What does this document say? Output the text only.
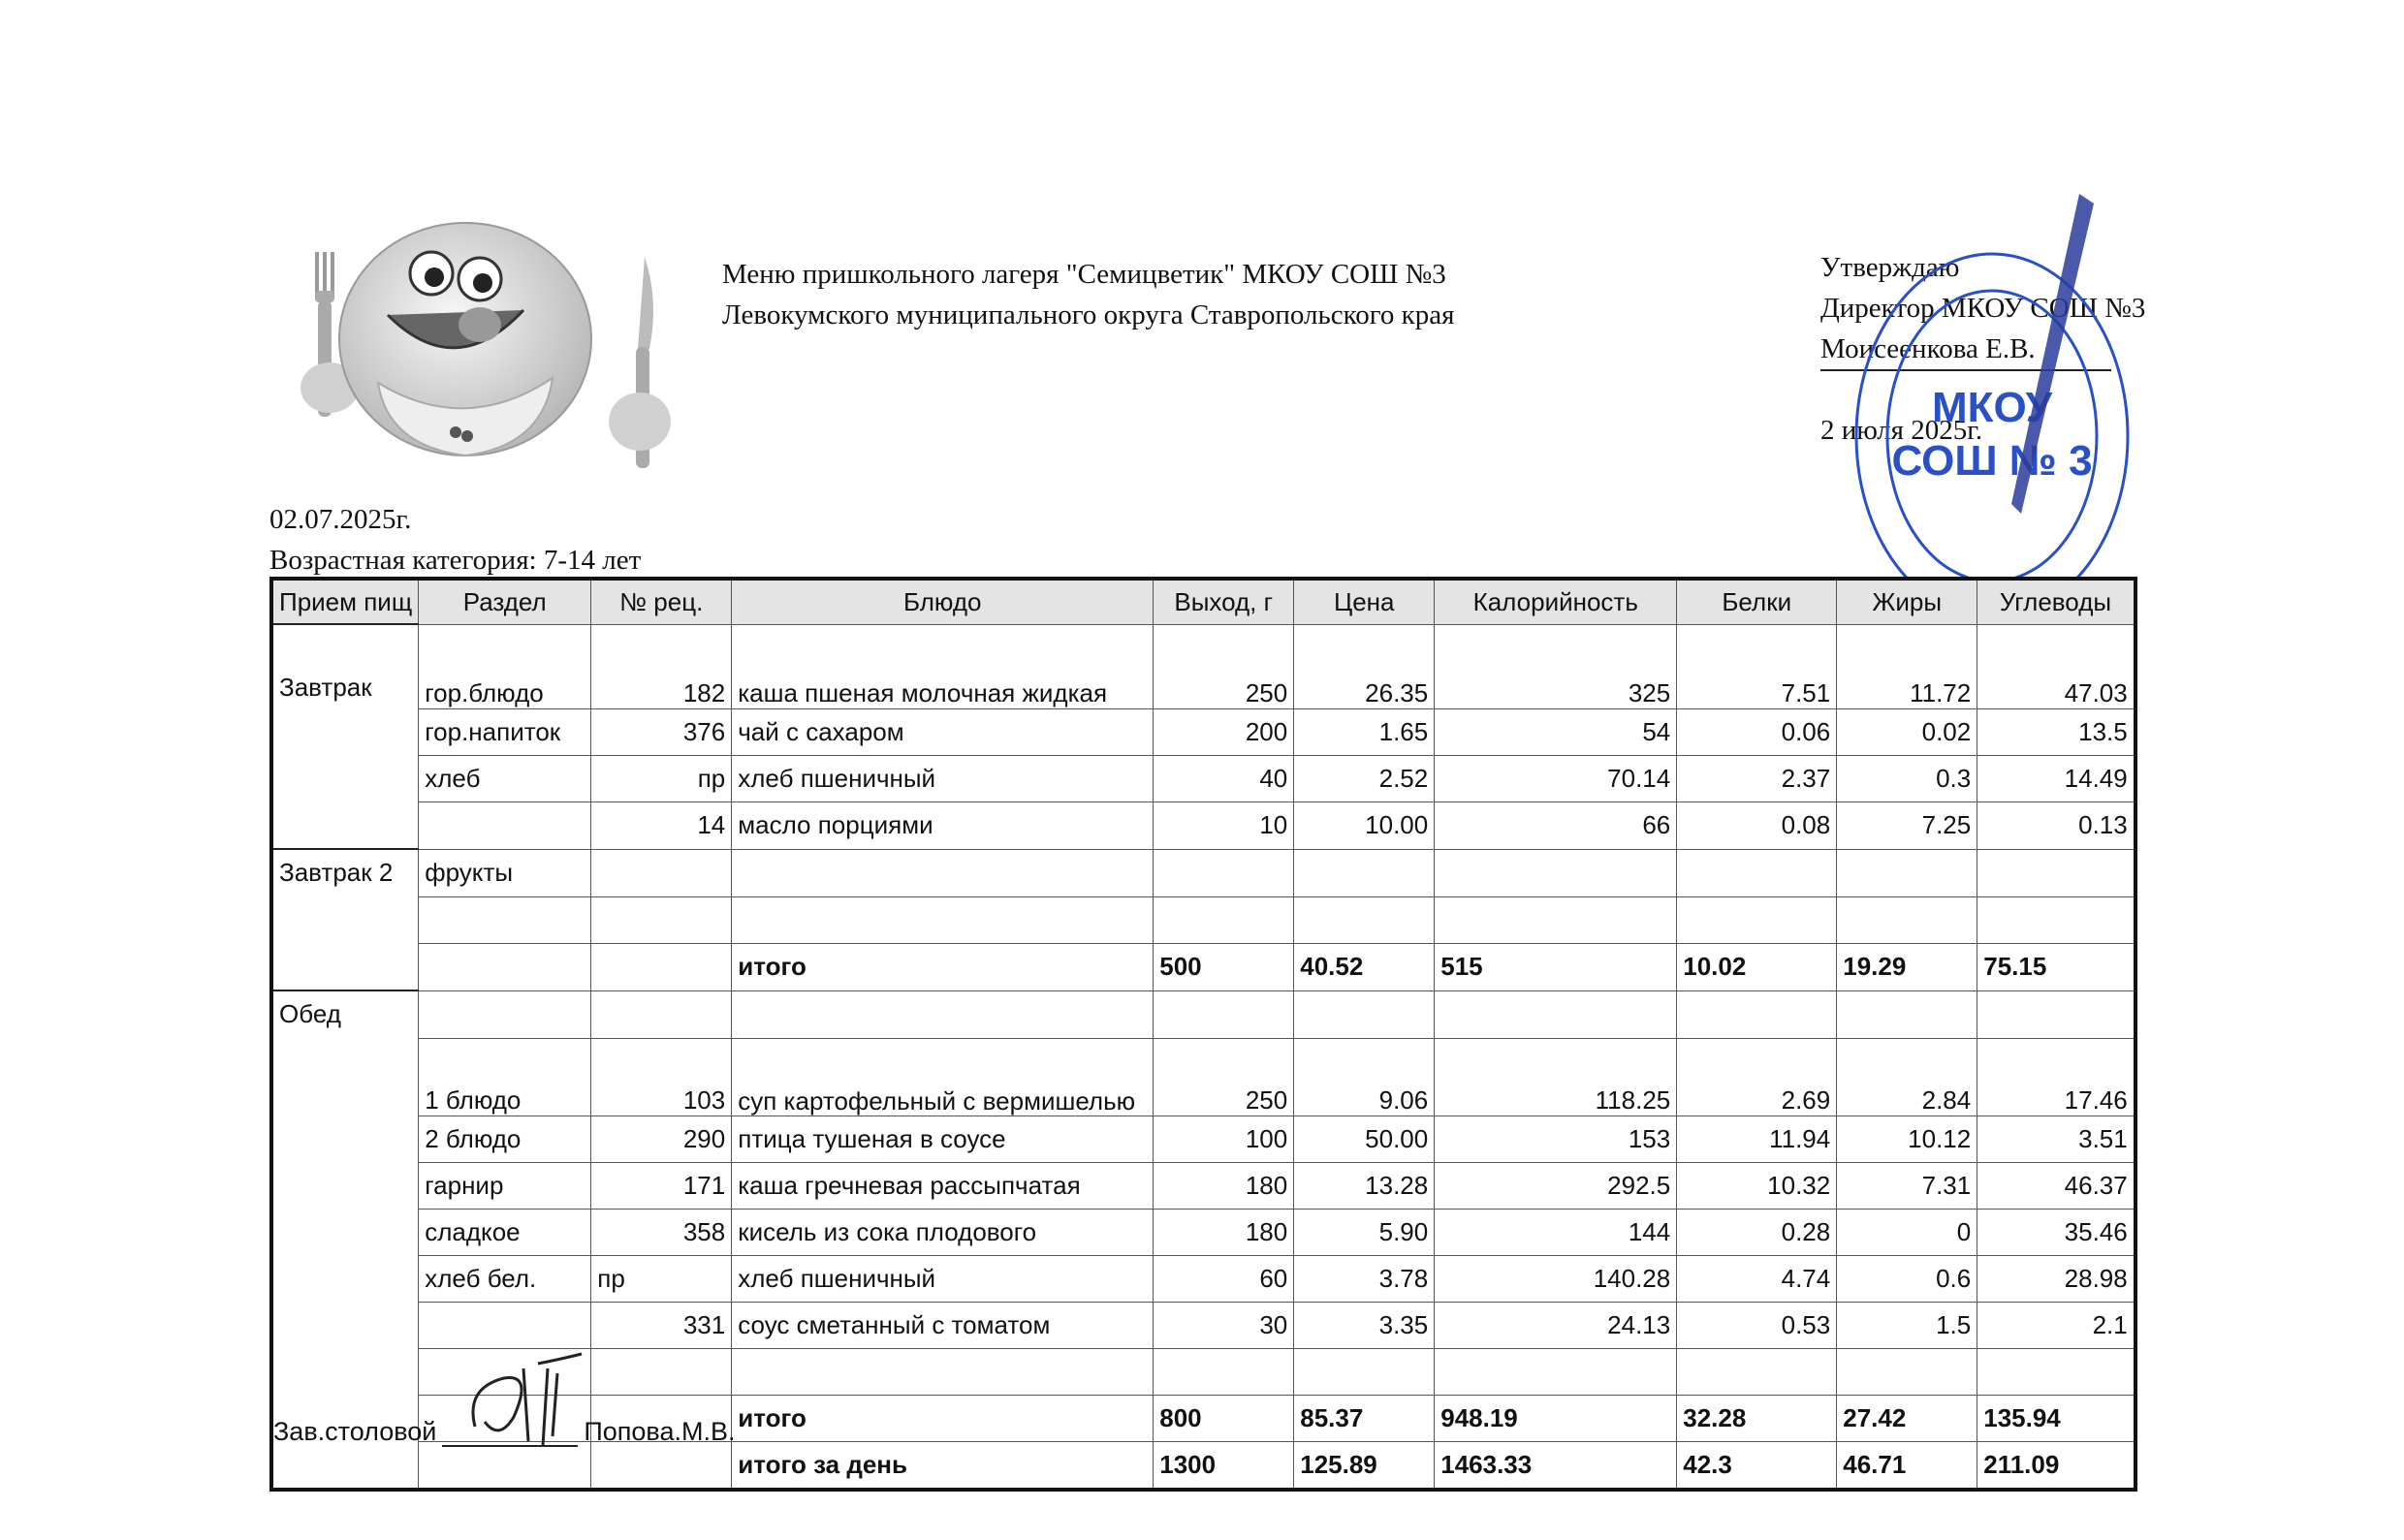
Меню пришкольного лагеря "Семицветик" МКОУ СОШ №3
Левокумского муниципального округа Ставропольского края
Утверждаю
Директор МКОУ СОШ №3
Моисеенкова Е.В.
2 июля 2025г.
МКОУ
СОШ № 3
02.07.2025г.
Возрастная категория: 7-14 лет
Прием пищ	Раздел	№ рец.	Блюдо	Выход, г	Цена	Калорийность	Белки	Жиры	Углеводы
Завтрак	гор.блюдо	182	каша пшеная молочная жидкая	250	26.35	325	7.51	11.72	47.03
	гор.напиток	376	чай с сахаром	200	1.65	54	0.06	0.02	13.5
	хлеб	пр	хлеб пшеничный	40	2.52	70.14	2.37	0.3	14.49
		14	масло порциями	10	10.00	66	0.08	7.25	0.13
Завтрак 2	фрукты								

			итого	500	40.52	515	10.02	19.29	75.15
Обед									
	1 блюдо	103	суп картофельный с вермишелью	250	9.06	118.25	2.69	2.84	17.46
	2 блюдо	290	птица тушеная в соусе	100	50.00	153	11.94	10.12	3.51
	гарнир	171	каша гречневая рассыпчатая	180	13.28	292.5	10.32	7.31	46.37
	сладкое	358	кисель из сока плодового	180	5.90	144	0.28	0	35.46
	хлеб бел.	пр	хлеб пшеничный	60	3.78	140.28	4.74	0.6	28.98
		331	соус сметанный с томатом	30	3.35	24.13	0.53	1.5	2.1

			итого	800	85.37	948.19	32.28	27.42	135.94
			итого за день	1300	125.89	1463.33	42.3	46.71	211.09
Зав.столовой	Попова.М.В.
